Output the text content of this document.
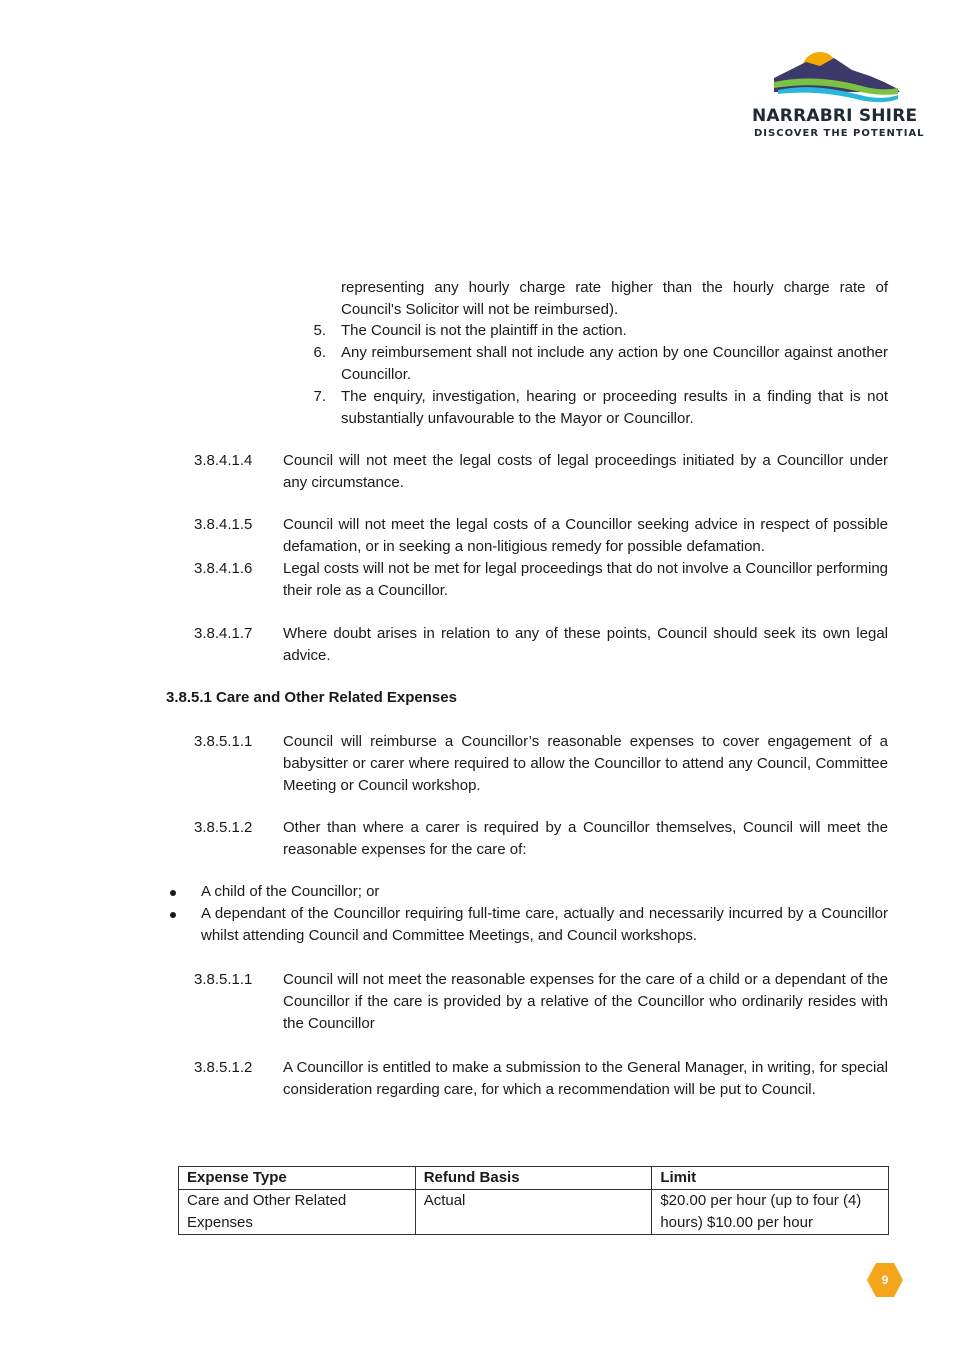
NARRABRI SHIRE
DISCOVER THE POTENTIAL
representing any hourly charge rate higher than the hourly charge rate of Council's Solicitor will not be reimbursed).
5. The Council is not the plaintiff in the action.
6. Any reimbursement shall not include any action by one Councillor against another Councillor.
7. The enquiry, investigation, hearing or proceeding results in a finding that is not substantially unfavourable to the Mayor or Councillor.
3.8.4.1.4	Council will not meet the legal costs of legal proceedings initiated by a Councillor under any circumstance.
3.8.4.1.5	Council will not meet the legal costs of a Councillor seeking advice in respect of possible defamation, or in seeking a non-litigious remedy for possible defamation.
3.8.4.1.6	Legal costs will not be met for legal proceedings that do not involve a Councillor performing their role as a Councillor.
3.8.4.1.7	Where doubt arises in relation to any of these points, Council should seek its own legal advice.
3.8.5.1 Care and Other Related Expenses
3.8.5.1.1	Council will reimburse a Councillor’s reasonable expenses to cover engagement of a babysitter or carer where required to allow the Councillor to attend any Council, Committee Meeting or Council workshop.
3.8.5.1.2	Other than where a carer is required by a Councillor themselves, Council will meet the reasonable expenses for the care of:
A child of the Councillor; or
A dependant of the Councillor requiring full-time care, actually and necessarily incurred by a Councillor whilst attending Council and Committee Meetings, and Council workshops.
3.8.5.1.1	Council will not meet the reasonable expenses for the care of a child or a dependant of the Councillor if the care is provided by a relative of the Councillor who ordinarily resides with the Councillor
3.8.5.1.2	A Councillor is entitled to make a submission to the General Manager, in writing, for special consideration regarding care, for which a recommendation will be put to Council.
Expense Type	Refund Basis	Limit
Care and Other Related Expenses	Actual	$20.00 per hour (up to four (4) hours) $10.00 per hour
9
